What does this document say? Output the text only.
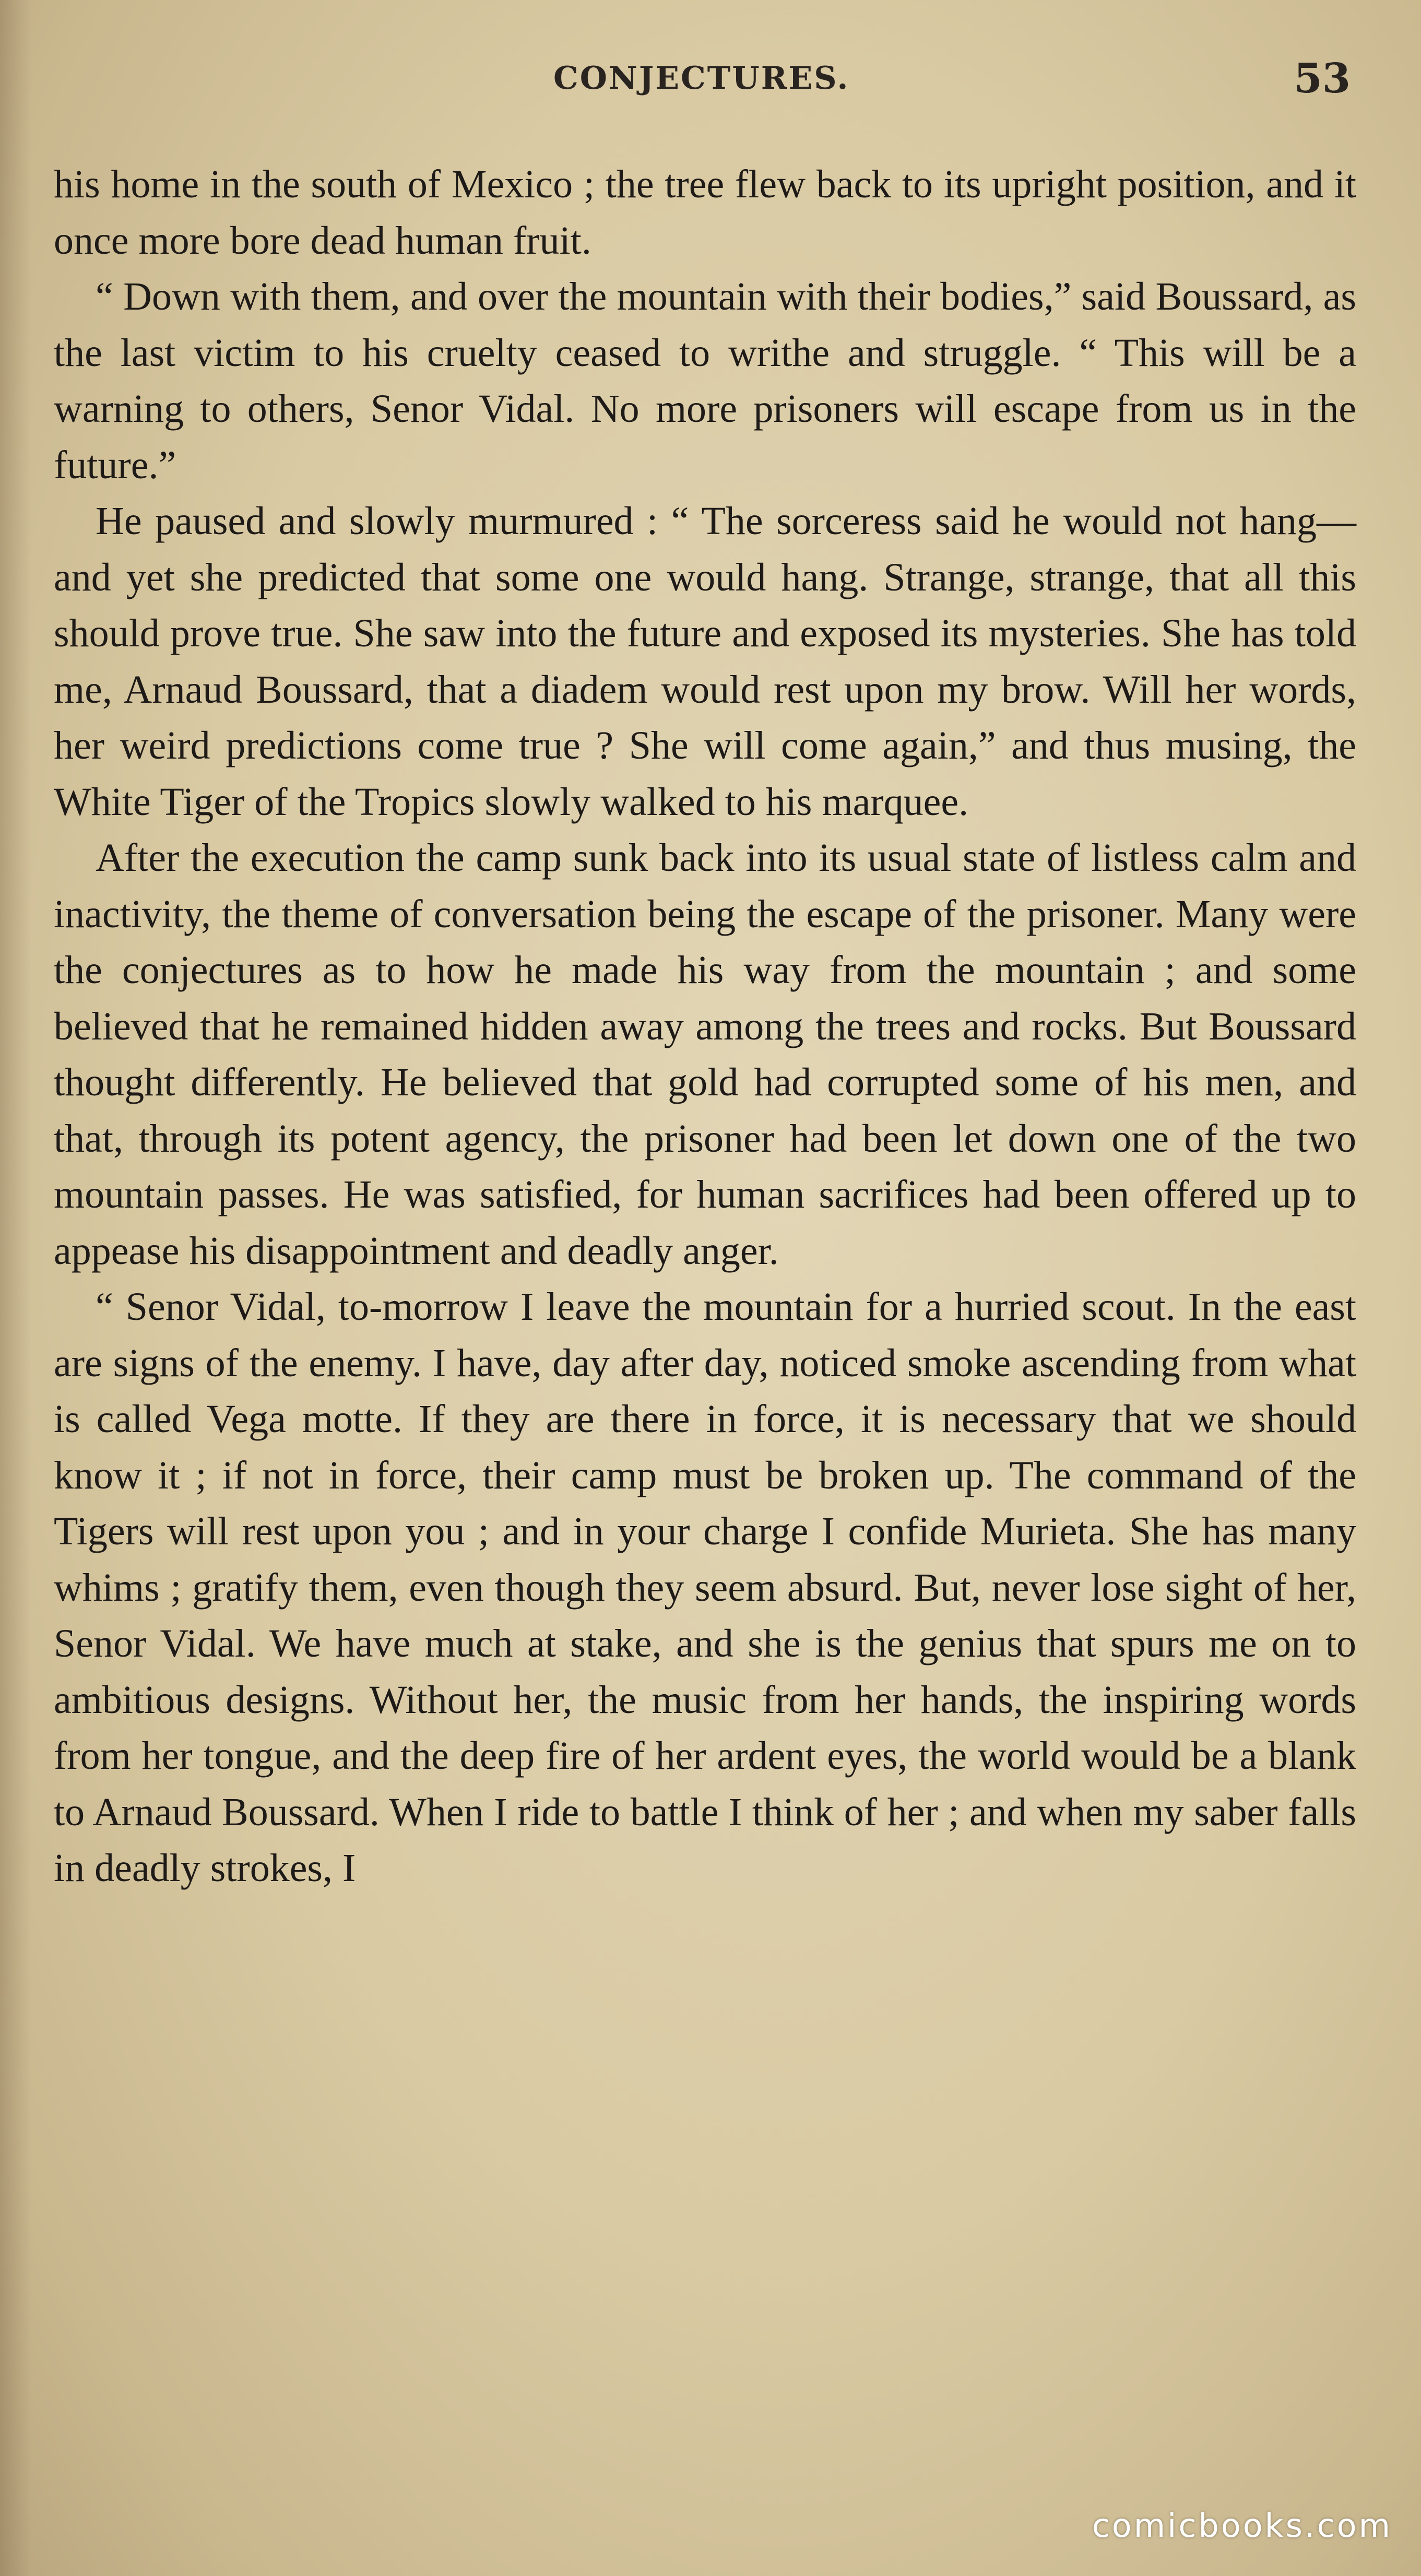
CONJECTURES.	53

his home in the south of Mexico ; the tree flew back to its upright position, and it once more bore dead human fruit.

“ Down with them, and over the mountain with their bodies,” said Boussard, as the last victim to his cruelty ceased to writhe and struggle. “ This will be a warning to others, Senor Vidal. No more prisoners will escape from us in the future.”

He paused and slowly murmured : “ The sorceress said he would not hang—and yet she predicted that some one would hang. Strange, strange, that all this should prove true. She saw into the future and exposed its mysteries. She has told me, Arnaud Boussard, that a diadem would rest upon my brow. Will her words, her weird predictions come true ? She will come again,” and thus musing, the White Tiger of the Tropics slowly walked to his marquee.

After the execution the camp sunk back into its usual state of listless calm and inactivity, the theme of conversation being the escape of the prisoner. Many were the conjectures as to how he made his way from the mountain ; and some believed that he remained hidden away among the trees and rocks. But Boussard thought differently. He believed that gold had corrupted some of his men, and that, through its potent agency, the prisoner had been let down one of the two mountain passes. He was satisfied, for human sacrifices had been offered up to appease his disappointment and deadly anger.

“ Senor Vidal, to-morrow I leave the mountain for a hurried scout. In the east are signs of the enemy. I have, day after day, noticed smoke ascending from what is called Vega motte. If they are there in force, it is necessary that we should know it ; if not in force, their camp must be broken up. The command of the Tigers will rest upon you ; and in your charge I confide Murieta. She has many whims ; gratify them, even though they seem absurd. But, never lose sight of her, Senor Vidal. We have much at stake, and she is the genius that spurs me on to ambitious designs. Without her, the music from her hands, the inspiring words from her tongue, and the deep fire of her ardent eyes, the world would be a blank to Arnaud Boussard. When I ride to battle I think of her ; and when my saber falls in deadly strokes, I

comicbooks.com
